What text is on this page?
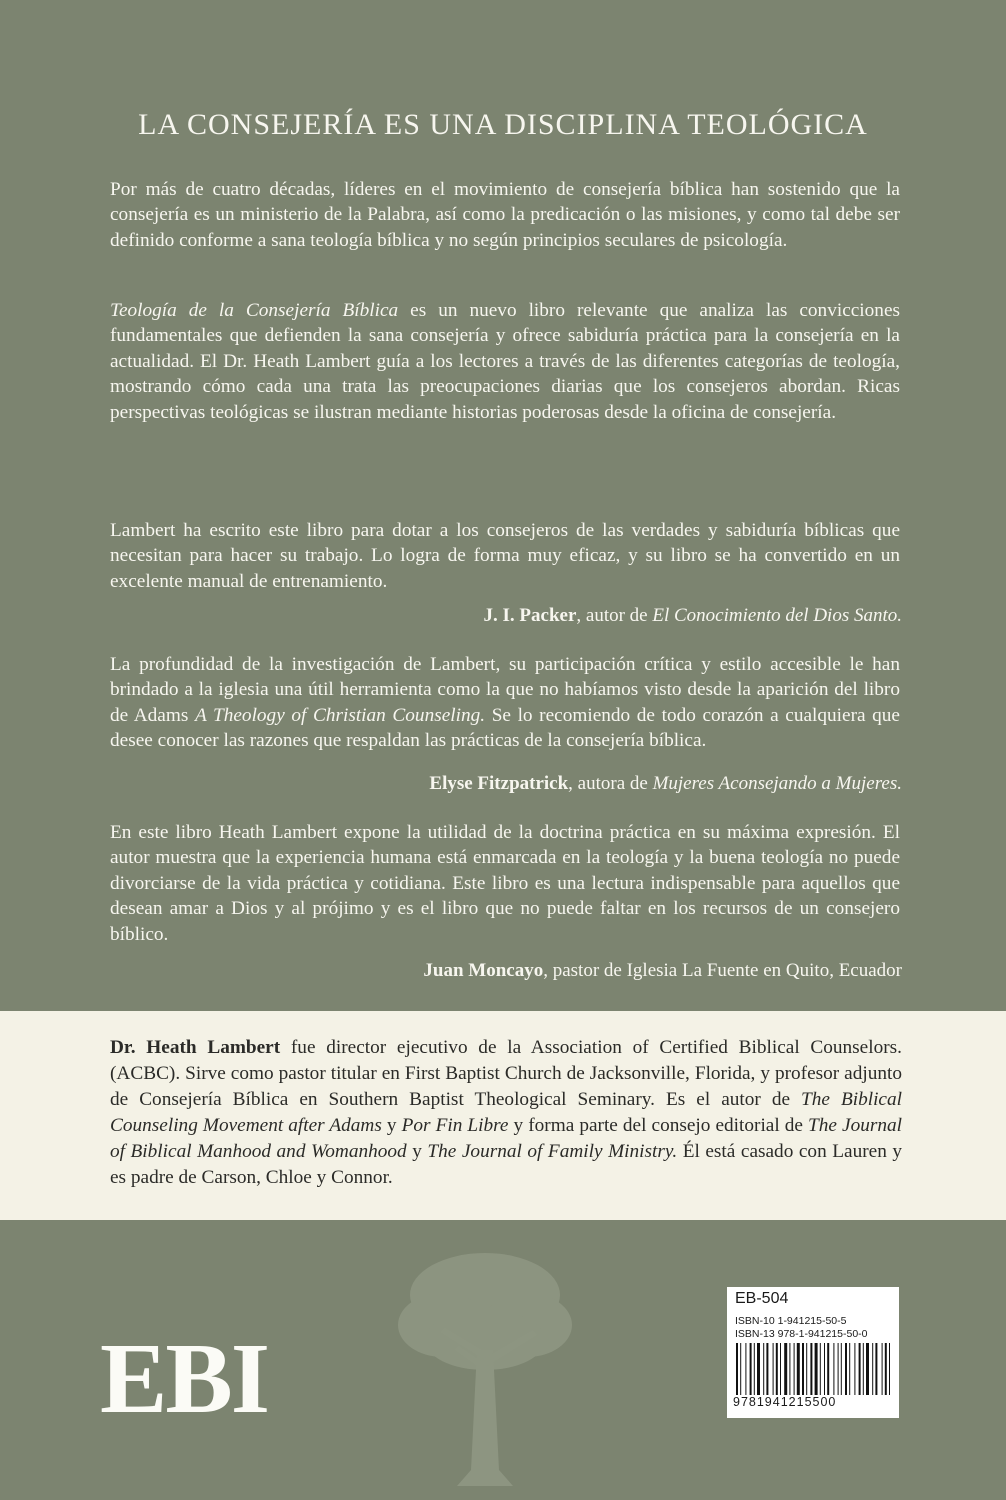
LA CONSEJERÍA ES UNA DISCIPLINA TEOLÓGICA
Por más de cuatro décadas, líderes en el movimiento de consejería bíblica han sostenido que la consejería es un ministerio de la Palabra, así como la predicación o las misiones, y como tal debe ser definido conforme a sana teología bíblica y no según principios seculares de psicología.
Teología de la Consejería Bíblica es un nuevo libro relevante que analiza las convicciones fundamentales que defienden la sana consejería y ofrece sabiduría práctica para la consejería en la actualidad. El Dr. Heath Lambert guía a los lectores a través de las diferentes categorías de teología, mostrando cómo cada una trata las preocupaciones diarias que los consejeros abordan. Ricas perspectivas teológicas se ilustran mediante historias poderosas desde la oficina de consejería.
Lambert ha escrito este libro para dotar a los consejeros de las verdades y sabiduría bíblicas que necesitan para hacer su trabajo. Lo logra de forma muy eficaz, y su libro se ha convertido en un excelente manual de entrenamiento.
J. I. Packer, autor de El Conocimiento del Dios Santo.
La profundidad de la investigación de Lambert, su participación crítica y estilo accesible le han brindado a la iglesia una útil herramienta como la que no habíamos visto desde la aparición del libro de Adams A Theology of Christian Counseling. Se lo recomiendo de todo corazón a cualquiera que desee conocer las razones que respaldan las prácticas de la consejería bíblica.
Elyse Fitzpatrick, autora de Mujeres Aconsejando a Mujeres.
En este libro Heath Lambert expone la utilidad de la doctrina práctica en su máxima expresión. El autor muestra que la experiencia humana está enmarcada en la teología y la buena teología no puede divorciarse de la vida práctica y cotidiana. Este libro es una lectura indispensable para aquellos que desean amar a Dios y al prójimo y es el libro que no puede faltar en los recursos de un consejero bíblico.
Juan Moncayo, pastor de Iglesia La Fuente en Quito, Ecuador
Dr. Heath Lambert fue director ejecutivo de la Association of Certified Biblical Counselors. (ACBC). Sirve como pastor titular en First Baptist Church de Jacksonville, Florida, y profesor adjunto de Consejería Bíblica en Southern Baptist Theological Seminary. Es el autor de The Biblical Counseling Movement after Adams y Por Fin Libre y forma parte del consejo editorial de The Journal of Biblical Manhood and Womanhood y The Journal of Family Ministry. Él está casado con Lauren y es padre de Carson, Chloe y Connor.
EBI
EB-504
ISBN-10 1-941215-50-5
ISBN-13 978-1-941215-50-0
9781941215500
